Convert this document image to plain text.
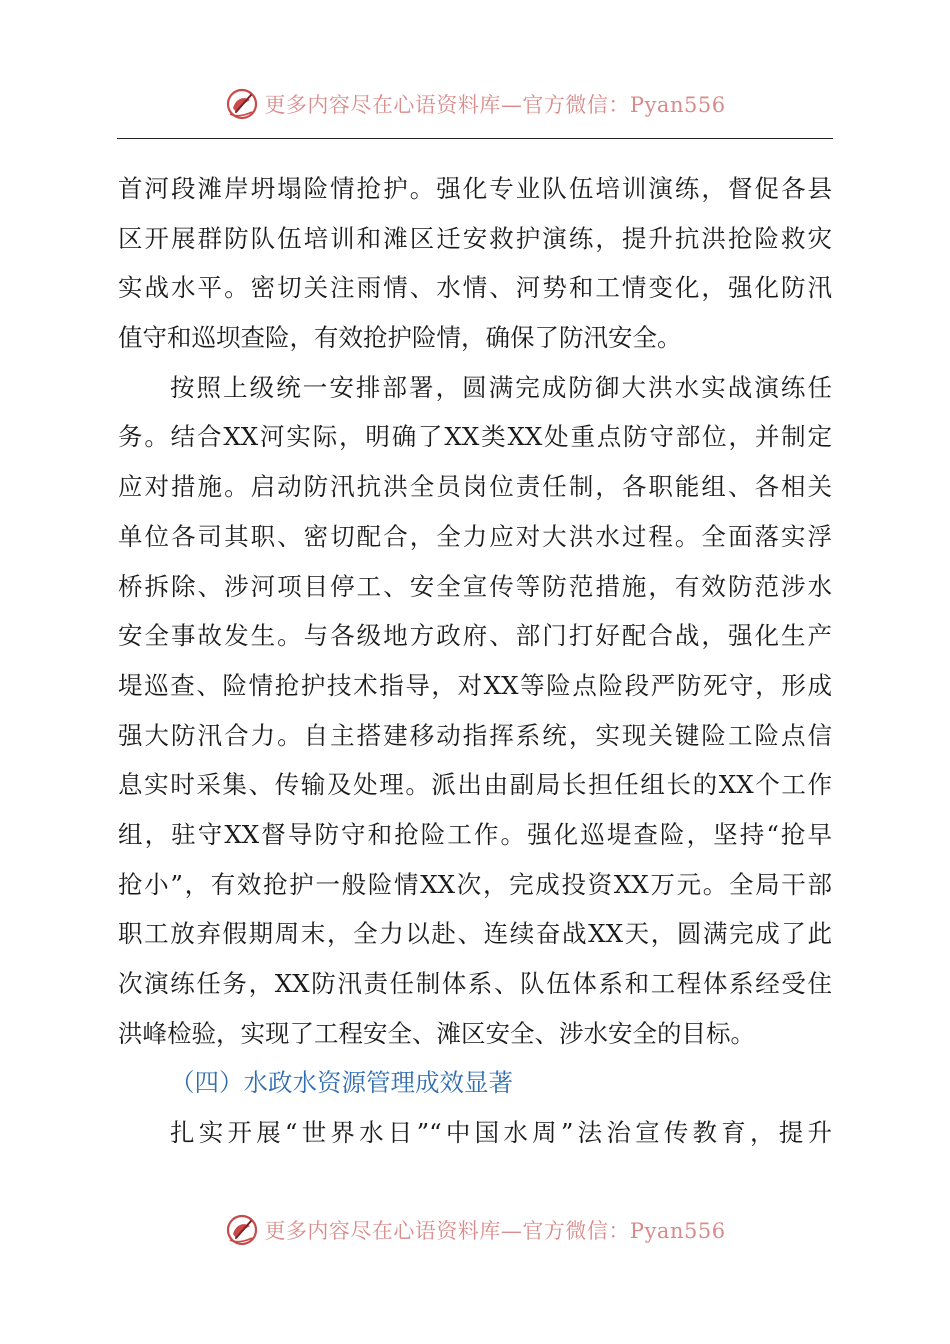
更多内容尽在心语资料库—官方微信：Pyan556
首河段滩岸坍塌险情抢护。强化专业队伍培训演练，督促各县
区开展群防队伍培训和滩区迁安救护演练，提升抗洪抢险救灾
实战水平。密切关注雨情、水情、河势和工情变化，强化防汛
值守和巡坝查险，有效抢护险情，确保了防汛安全。
按照上级统一安排部署，圆满完成防御大洪水实战演练任
务。结合XX河实际，明确了XX类XX处重点防守部位，并制定
应对措施。启动防汛抗洪全员岗位责任制，各职能组、各相关
单位各司其职、密切配合，全力应对大洪水过程。全面落实浮
桥拆除、涉河项目停工、安全宣传等防范措施，有效防范涉水
安全事故发生。与各级地方政府、部门打好配合战，强化生产
堤巡查、险情抢护技术指导，对XX等险点险段严防死守，形成
强大防汛合力。自主搭建移动指挥系统，实现关键险工险点信
息实时采集、传输及处理。派出由副局长担任组长的XX个工作
组，驻守XX督导防守和抢险工作。强化巡堤查险，坚持“抢早
抢小”，有效抢护一般险情XX次，完成投资XX万元。全局干部
职工放弃假期周末，全力以赴、连续奋战XX天，圆满完成了此
次演练任务，XX防汛责任制体系、队伍体系和工程体系经受住
洪峰检验，实现了工程安全、滩区安全、涉水安全的目标。
（四）水政水资源管理成效显著
扎实开展“世界水日”“中国水周”法治宣传教育，提升
更多内容尽在心语资料库—官方微信：Pyan556
